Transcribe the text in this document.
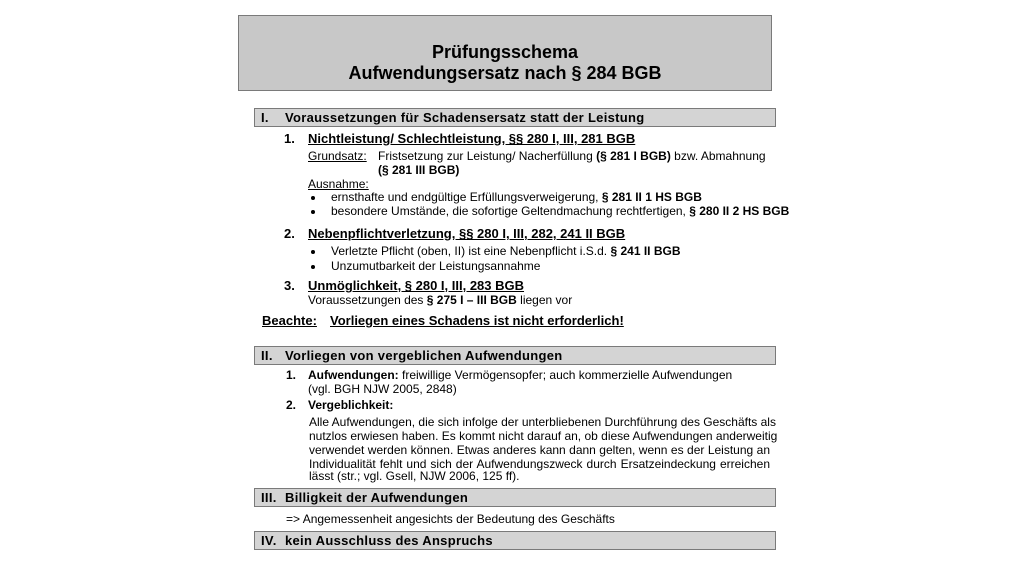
Prüfungsschema
Aufwendungsersatz nach § 284 BGB
I. Voraussetzungen für Schadensersatz statt der Leistung
1. Nichtleistung/ Schlechtleistung, §§ 280 I, III, 281 BGB
Grundsatz: Fristsetzung zur Leistung/ Nacherfüllung (§ 281 I BGB) bzw. Abmahnung
(§ 281 III BGB)
Ausnahme:
ernsthafte und endgültige Erfüllungsverweigerung, § 281 II 1 HS BGB
besondere Umstände, die sofortige Geltendmachung rechtfertigen, § 280 II 2 HS BGB
2. Nebenpflichtverletzung, §§ 280 I, III, 282, 241 II BGB
Verletzte Pflicht (oben, II) ist eine Nebenpflicht i.S.d. § 241 II BGB
Unzumutbarkeit der Leistungsannahme
3. Unmöglichkeit, § 280 I, III, 283 BGB
Voraussetzungen des § 275 I – III BGB liegen vor
Beachte: Vorliegen eines Schadens ist nicht erforderlich!
II. Vorliegen von vergeblichen Aufwendungen
1. Aufwendungen: freiwillige Vermögensopfer; auch kommerzielle Aufwendungen
(vgl. BGH NJW 2005, 2848)
2. Vergeblichkeit:
Alle Aufwendungen, die sich infolge der unterbliebenen Durchführung des Geschäfts als
nutzlos erwiesen haben. Es kommt nicht darauf an, ob diese Aufwendungen anderweitig
verwendet werden können. Etwas anderes kann dann gelten, wenn es der Leistung an
Individualität fehlt und sich der Aufwendungszweck durch Ersatzeindeckung erreichen
lässt (str.; vgl. Gsell, NJW 2006, 125 ff).
III. Billigkeit der Aufwendungen
=> Angemessenheit angesichts der Bedeutung des Geschäfts
IV. kein Ausschluss des Anspruchs
